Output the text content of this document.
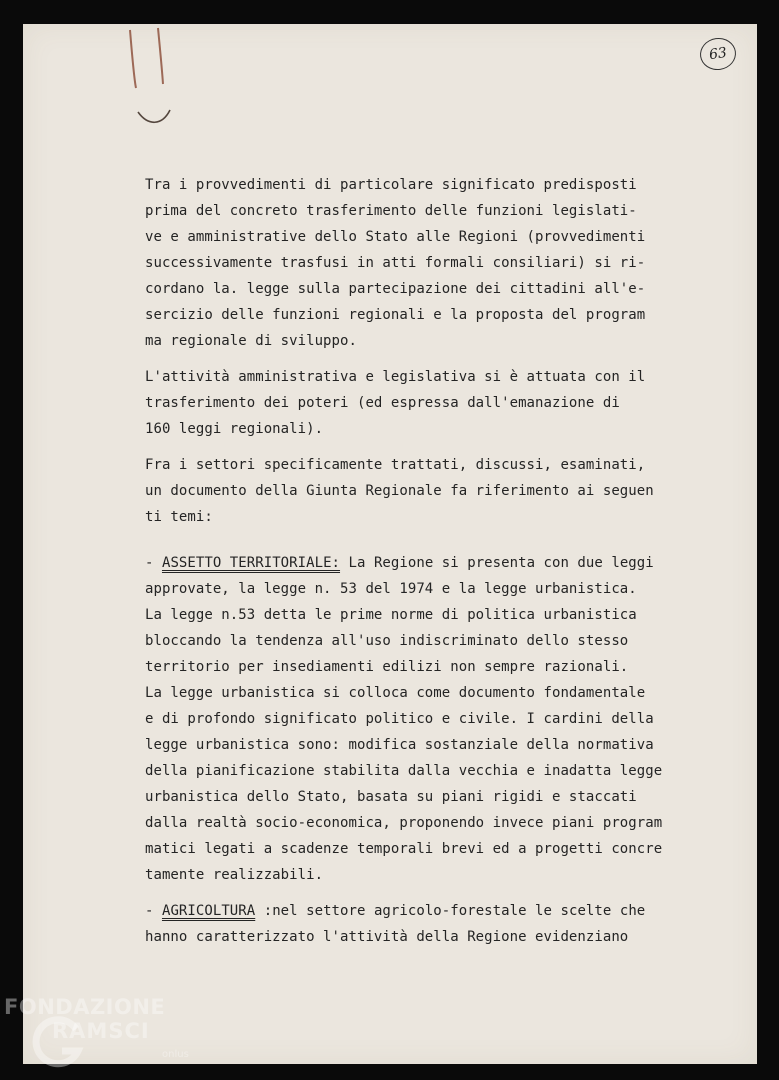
63
Tra i provvedimenti di particolare significato predisposti
prima del concreto trasferimento delle funzioni legislati-
ve e amministrative dello Stato alle Regioni (provvedimenti
successivamente trasfusi in atti formali consiliari) si ri-
cordano la. legge sulla partecipazione dei cittadini all'e-
sercizio delle funzioni regionali e la proposta del program
ma regionale di sviluppo.
L'attività amministrativa e legislativa si è attuata con il
trasferimento dei poteri (ed espressa dall'emanazione di
160 leggi regionali).
Fra i settori specificamente trattati, discussi, esaminati,
un documento della Giunta Regionale fa riferimento ai seguen
ti temi:
- ASSETTO TERRITORIALE: La Regione si presenta con due leggi
approvate, la legge n. 53 del 1974 e la legge urbanistica.
La legge n.53 detta le prime norme di politica urbanistica
bloccando la tendenza all'uso indiscriminato dello stesso
territorio per insediamenti edilizi non sempre razionali.
La legge urbanistica si colloca come documento fondamentale
e di profondo significato politico e civile. I cardini della
legge urbanistica sono: modifica sostanziale della normativa
della pianificazione stabilita dalla vecchia e inadatta legge
urbanistica dello Stato, basata su piani rigidi e staccati
dalla realtà socio-economica, proponendo invece piani program
matici legati a scadenze temporali brevi ed a progetti concre
tamente realizzabili.
- AGRICOLTURA :nel settore agricolo-forestale le scelte che
hanno caratterizzato l'attività della Regione evidenziano
FONDAZIONE
RAMSCI
onlus
